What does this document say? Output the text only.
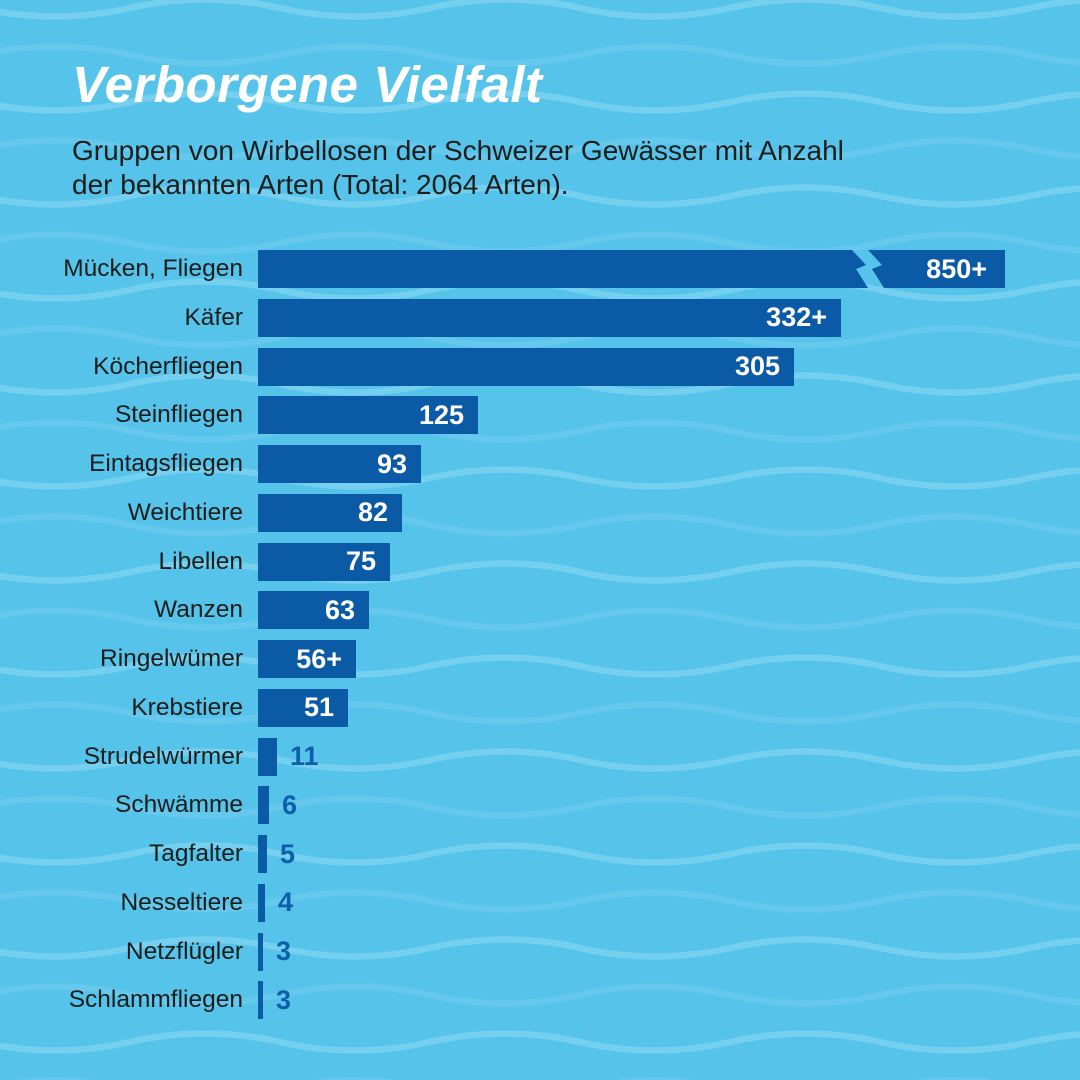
Verborgene Vielfalt

Gruppen von Wirbellosen der Schweizer Gewässer mit Anzahl
der bekannten Arten (Total: 2064 Arten).

Mücken, Fliegen	850+
Käfer	332+
Köcherfliegen	305
Steinfliegen	125
Eintagsfliegen	93
Weichtiere	82
Libellen	75
Wanzen	63
Ringelwümer 56+
Krebstiere 51
Strudelwürmer 11
Schwämme 6
Tagfalter 5
Nesseltiere 4
Netzflügler 3
Schlammfliegen 3
